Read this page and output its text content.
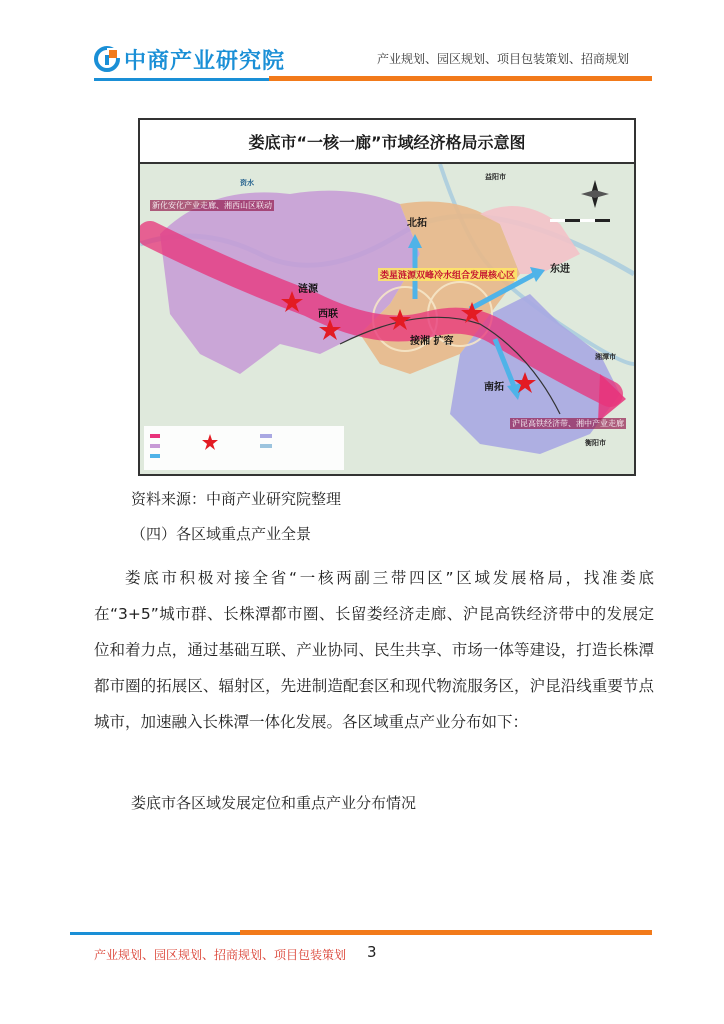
中商产业研究院	产业规划、园区规划、项目包装策划、招商规划
娄底市“一核一廊”市域经济格局示意图
西联
涟源
北拓
东进
南拓
娄星涟源双峰冷水组合发展核心区
接湘 扩容
新化安化产业走廊、湘西山区联动
沪昆高铁经济带、湘中产业走廊
衡阳市
湘潭市
益阳市
资水
资料来源：中商产业研究院整理
（四）各区域重点产业全景

娄底市积极对接全省“一核两副三带四区”区域发展格局，找准娄底在“3+5”城市群、长株潭都市圈、长留娄经济走廊、沪昆高铁经济带中的发展定位和着力点，通过基础互联、产业协同、民生共享、市场一体等建设，打造长株潭都市圈的拓展区、辐射区，先进制造配套区和现代物流服务区，沪昆沿线重要节点城市，加速融入长株潭一体化发展。各区域重点产业分布如下：

娄底市各区域发展定位和重点产业分布情况
产业规划、园区规划、招商规划、项目包装策划 3
